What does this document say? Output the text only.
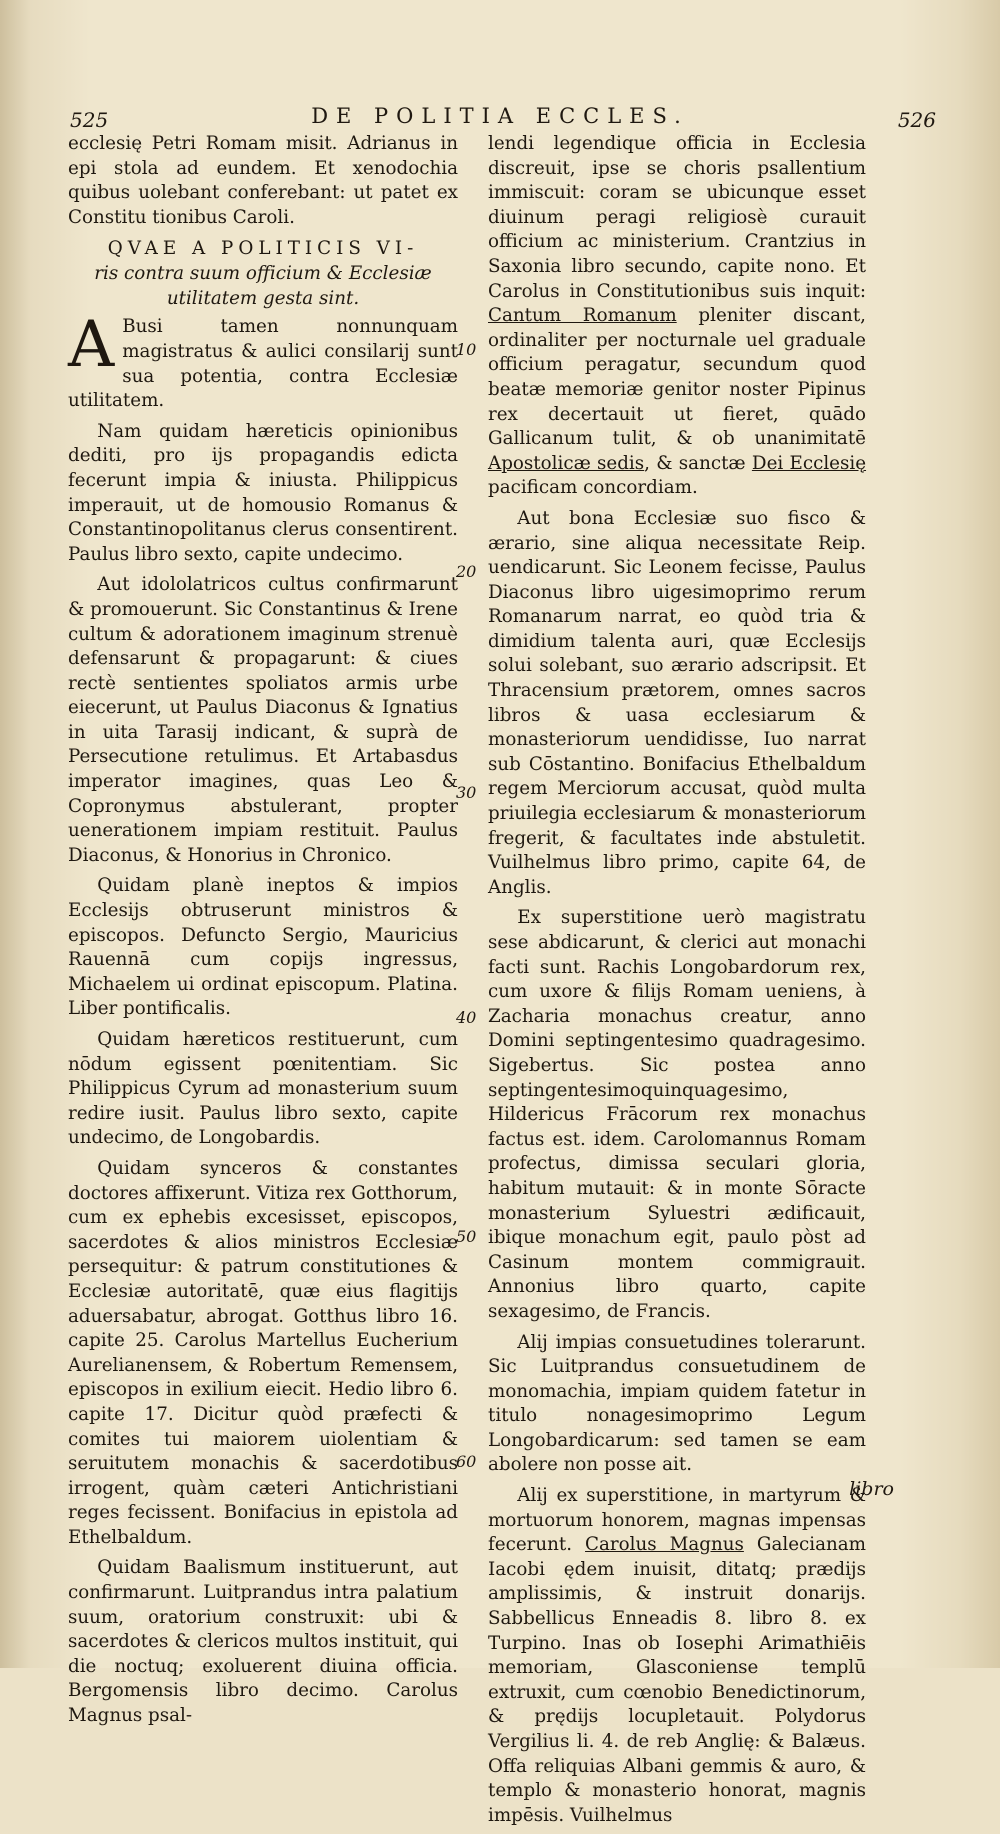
525	DE POLITIA ECCLES.	526
10
20
30
40
50
60

ecclesię Petri Romam misit. Adrianus in epi stola ad eundem. Et xenodochia quibus uolebant conferebant: ut patet ex Constitu tionibus Caroli.

QVAE A POLITICIS VI-
ris contra suum officium & Ecclesiæ utilitatem gesta sint.

A Busi tamen nonnunquam magistratus & aulici consilarij sunt sua potentia, contra Ecclesiæ utilitatem.

Nam quidam hæreticis opinionibus dediti, pro ijs propagandis edicta fecerunt impia & iniusta. Philippicus imperauit, ut de homousio Romanus & Constantinopolitanus clerus consentirent. Paulus libro sexto, capite undecimo.

Aut idololatricos cultus confirmarunt & promouerunt. Sic Constantinus & Irene cultum & adorationem imaginum strenuè defensarunt & propagarunt: & ciues rectè sentientes spoliatos armis urbe eiecerunt, ut Paulus Diaconus & Ignatius in uita Tarasij indicant, & suprà de Persecutione retulimus. Et Artabasdus imperator imagines, quas Leo & Copronymus abstulerant, propter uenerationem impiam restituit. Paulus Diaconus, & Honorius in Chronico.

Quidam planè ineptos & impios Ecclesijs obtruserunt ministros & episcopos. Defuncto Sergio, Mauricius Rauennā cum copijs ingressus, Michaelem ui ordinat episcopum. Platina. Liber pontificalis.

Quidam hæreticos restituerunt, cum nōdum egissent pœnitentiam. Sic Philippicus Cyrum ad monasterium suum redire iusit. Paulus libro sexto, capite undecimo, de Longobardis.

Quidam synceros & constantes doctores affixerunt. Vitiza rex Gotthorum, cum ex ephebis excesisset, episcopos, sacerdotes & alios ministros Ecclesiæ persequitur: & patrum constitutiones & Ecclesiæ autoritatē, quæ eius flagitijs aduersabatur, abrogat. Gotthus libro 16. capite 25. Carolus Martellus Eucherium Aurelianensem, & Robertum Remensem, episcopos in exilium eiecit. Hedio libro 6. capite 17. Dicitur quòd præfecti & comites tui maiorem uiolentiam & seruitutem monachis & sacerdotibus irrogent, quàm cæteri Antichristiani reges fecissent. Bonifacius in epistola ad Ethelbaldum.

Quidam Baalismum instituerunt, aut confirmarunt. Luitprandus intra palatium suum, oratorium construxit: ubi & sacerdotes & clericos multos instituit, qui die noctuq; exoluerent diuina officia. Bergomensis libro decimo. Carolus Magnus psal-

lendi legendique officia in Ecclesia discreuit, ipse se choris psallentium immiscuit: coram se ubicunque esset diuinum peragi religiosè curauit officium ac ministerium. Crantzius in Saxonia libro secundo, capite nono. Et Carolus in Constitutionibus suis inquit: Cantum Romanum pleniter discant, ordinaliter per nocturnale uel graduale officium peragatur, secundum quod beatæ memoriæ genitor noster Pipinus rex decertauit ut fieret, quādo Gallicanum tulit, & ob unanimitatē Apostolicæ sedis, & sanctæ Dei Ecclesię pacificam concordiam.

Aut bona Ecclesiæ suo fisco & ærario, sine aliqua necessitate Reip. uendicarunt. Sic Leonem fecisse, Paulus Diaconus libro uigesimoprimo rerum Romanarum narrat, eo quòd tria & dimidium talenta auri, quæ Ecclesijs solui solebant, suo ærario adscripsit. Et Thracensium prætorem, omnes sacros libros & uasa ecclesiarum & monasteriorum uendidisse, Iuo narrat sub Cōstantino. Bonifacius Ethelbaldum regem Merciorum accusat, quòd multa priuilegia ecclesiarum & monasteriorum fregerit, & facultates inde abstuletit. Vuilhelmus libro primo, capite 64, de Anglis.

Ex superstitione uerò magistratu sese abdicarunt, & clerici aut monachi facti sunt. Rachis Longobardorum rex, cum uxore & filijs Romam ueniens, à Zacharia monachus creatur, anno Domini septingentesimo quadragesimo. Sigebertus. Sic postea anno septingentesimoquinquagesimo, Hildericus Frācorum rex monachus factus est. idem. Carolomannus Romam profectus, dimissa seculari gloria, habitum mutauit: & in monte Sōracte monasterium Syluestri ædificauit, ibique monachum egit, paulo pòst ad Casinum montem commigrauit. Annonius libro quarto, capite sexagesimo, de Francis.

Alij impias consuetudines tolerarunt. Sic Luitprandus consuetudinem de monomachia, impiam quidem fatetur in titulo nonagesimoprimo Legum Longobardicarum: sed tamen se eam abolere non posse ait.

Alij ex superstitione, in martyrum & mortuorum honorem, magnas impensas fecerunt. Carolus Magnus Galecianam Iacobi ędem inuisit, ditatq; prædijs amplissimis, & instruit donarijs. Sabbellicus Enneadis 8. libro 8. ex Turpino. Inas ob Iosephi Arimathiēis memoriam, Glasconiense templū extruxit, cum cœnobio Benedictinorum, & prędijs locupletauit. Polydorus Vergilius li. 4. de reb Anglię: & Balæus. Offa reliquias Albani gemmis & auro, & templo & monasterio honorat, magnis impēsis. Vuilhelmus

libro
